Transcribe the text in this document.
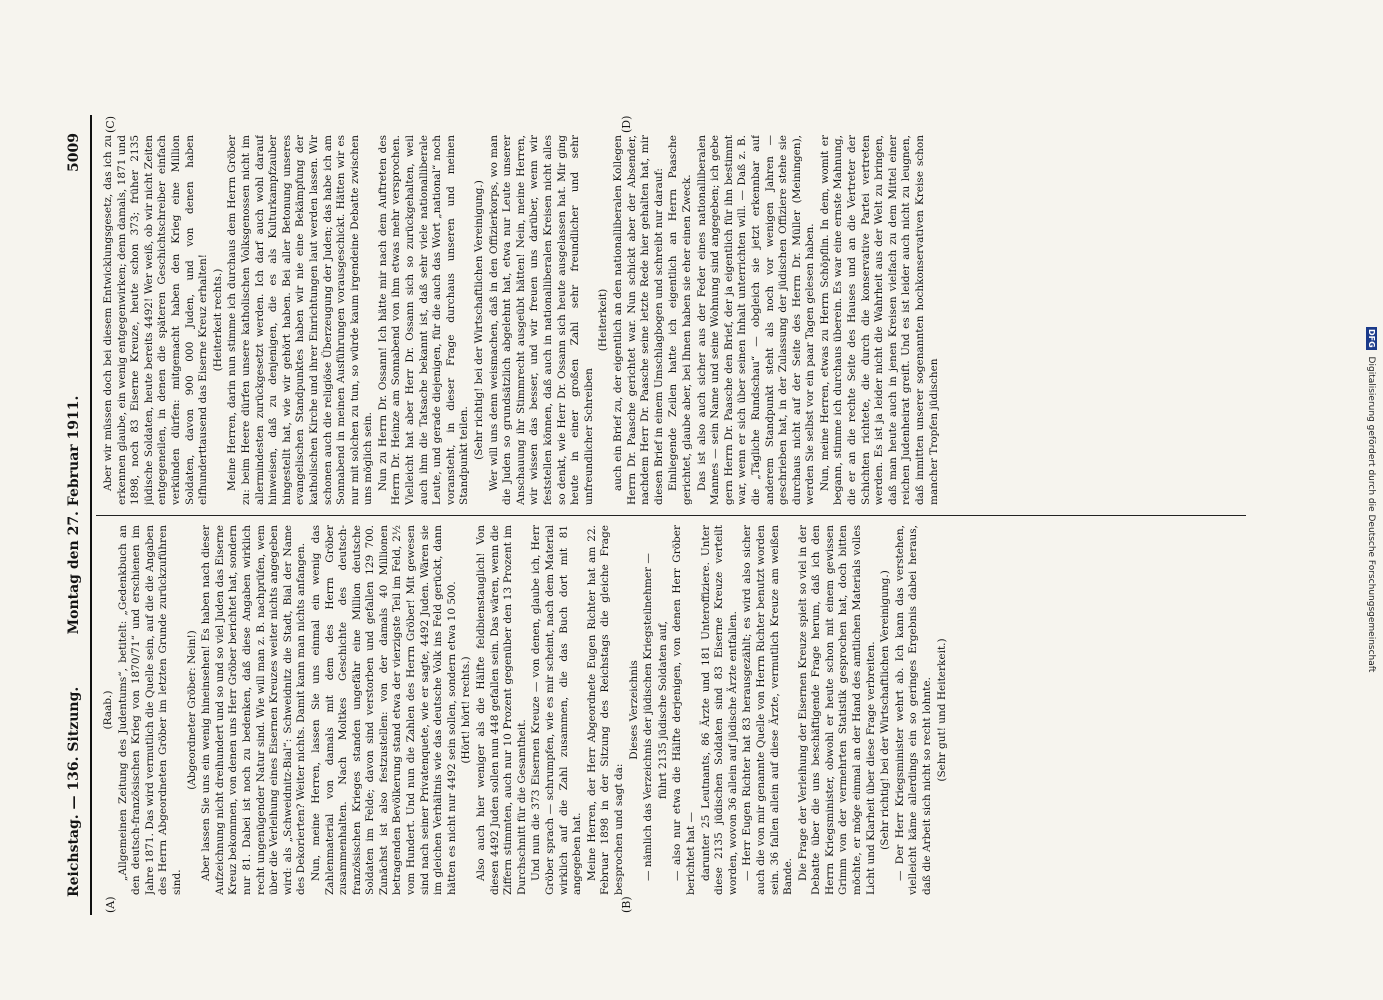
Reichstag. — 136. Sitzung.
Montag den 27. Februar 1911.
5009
(A)	(B)
(C)	(D)

(Raab.) „Allgemeinen Zeitung des Judentums“, betitelt: „Gedenkbuch an den deutsch-französischen Krieg von 1870/71“ und erschienen im Jahre 1871. Das wird vermutlich die Quelle sein, auf die die Angaben des Herrn Abgeordneten Gröber im letzten Grunde zurückzuführen sind.

(Abgeordneter Gröber: Nein!) Aber lassen Sie uns ein wenig hineinsehen! Es haben nach dieser Aufzeichnung nicht dreihundert und so und so viel Juden das Eiserne Kreuz bekommen, von denen uns Herr Gröber berichtet hat, sondern nur 81. Dabei ist noch zu bedenken, daß diese Angaben wirklich recht ungenügender Natur sind. Wie will man z. B. nachprüfen, wem über die Verleihung eines Eisernen Kreuzes weiter nichts angegeben wird: als „Schweidnitz-Bial“: Schweidnitz die Stadt, Bial der Name des Dekorierten? Weiter nichts. Damit kann man nichts anfangen. Nun, meine Herren, lassen Sie uns einmal ein wenig das Zahlenmaterial von damals mit dem des Herrn Gröber zusammenhalten. Nach Moltkes Geschichte des deutsch-französischen Krieges standen ungefähr eine Million deutsche Soldaten im Felde; davon sind verstorben und gefallen 129 700. Zunächst ist also festzustellen: von der damals 40 Millionen betragenden Bevölkerung stand etwa der vierzigste Teil im Feld, 2½ vom Hundert. Und nun die Zahlen des Herrn Gröber! Mit gewesen sind nach seiner Privatenquete, wie er sagte, 4492 Juden. Wären sie im gleichen Verhältnis wie das deutsche Volk ins Feld gerückt, dann hätten es nicht nur 4492 sein sollen, sondern etwa 10 500. (Hört! hört! rechts.) Also auch hier weniger als die Hälfte feldbienstauglich! Von diesen 4492 Juden sollen nun 448 gefallen sein. Das wären, wenn die Ziffern stimmten, auch nur 10 Prozent gegenüber den 13 Prozent im Durchschnitt für die Gesamtheit. Und nun die 373 Eisernen Kreuze — von denen, glaube ich, Herr Gröber sprach — schrumpfen, wie es mir scheint, nach dem Material wirklich auf die Zahl zusammen, die das Buch dort mit 81 angegeben hat. Meine Herren, der Herr Abgeordnete Eugen Richter hat am 22. Februar 1898 in der Sitzung des Reichstags die gleiche Frage besprochen und sagt da:

Dieses Verzeichnis — nämlich das Verzeichnis der jüdischen Kriegsteilnehmer — führt 2135 jüdische Soldaten auf, — also nur etwa die Hälfte derjenigen, von denen Herr Gröber berichtet hat — darunter 25 Leutnants, 86 Ärzte und 181 Unteroffiziere. Unter diese 2135 jüdischen Soldaten sind 83 Eiserne Kreuze verteilt worden, wovon 36 allein auf jüdische Ärzte entfallen. — Herr Eugen Richter hat 83 herausgezählt; es wird also sicher auch die von mir genannte Quelle von Herrn Richter benutzt worden sein. 36 fallen allein auf diese Ärzte, vermutlich Kreuze am weißen Bande. Die Frage der Verleihung der Eisernen Kreuze spielt so viel in der Debatte über die uns beschäftigende Frage herum, daß ich den Herrn Kriegsminister, obwohl er heute schon mit einem gewissen Grimm von der vermehrten Statistik gesprochen hat, doch bitten möchte, er möge einmal an der Hand des amtlichen Materials volles Licht und Klarheit über diese Frage verbreiten. (Sehr richtig! bei der Wirtschaftlichen Vereinigung.) — Der Herr Kriegsminister wehrt ab. Ich kann das verstehen, vielleicht käme allerdings ein so geringes Ergebnis dabei heraus, daß die Arbeit sich nicht so recht lohnte. (Sehr gut! und Heiterkeit.)

Aber wir müssen doch bei diesem Entwicklungsgesetz, das ich zu erkennen glaube, ein wenig entgegenwirken; denn damals, 1871 und 1898, noch 83 Eiserne Kreuze, heute schon 373; früher 2135 jüdische Soldaten, heute bereits 4492! Wer weiß, ob wir nicht Zeiten entgegeneilen, in denen die späteren Geschichtschreiber einfach verkünden dürfen: mitgemacht haben den Krieg eine Million Soldaten, davon 900 000 Juden, und von denen haben elfhunderttausend das Eiserne Kreuz erhalten! (Heiterkeit rechts.) Meine Herren, darin nun stimme ich durchaus dem Herrn Gröber zu: beim Heere dürfen unsere katholischen Volksgenossen nicht im allermindesten zurückgesetzt werden. Ich darf auch wohl darauf hinweisen, daß zu denjenigen, die es als Kulturkampfzauber hingestellt hat, wie wir gehört haben. Bei aller Betonung unseres evangelischen Standpunktes haben wir nie eine Bekämpfung der katholischen Kirche und ihrer Einrichtungen laut werden lassen. Wir schonen auch die religiöse Überzeugung der Juden; das habe ich am Sonnabend in meinen Ausführungen vorausgeschickt. Hätten wir es nur mit solchen zu tun, so würde kaum irgendeine Debatte zwischen uns möglich sein. Nun zu Herrn Dr. Ossann! Ich hätte mir nach dem Auftreten des Herrn Dr. Heinze am Sonnabend von ihm etwas mehr versprochen. Vielleicht hat aber Herr Dr. Ossann sich so zurückgehalten, weil auch ihm die Tatsache bekannt ist, daß sehr viele nationalliberale Leute, und gerade diejenigen, für die auch das Wort „national“ noch voransteht, in dieser Frage durchaus unseren und meinen Standpunkt teilen. (Sehr richtig! bei der Wirtschaftlichen Vereinigung.) Wer will uns denn weismachen, daß in den Offizierkorps, wo man die Juden so grundsätzlich abgelehnt hat, etwa nur Leute unserer Anschauung ihr Stimmrecht ausgeübt hätten! Nein, meine Herren, wir wissen das besser, und wir freuen uns darüber, wenn wir feststellen können, daß auch in nationalliberalen Kreisen nicht alles so denkt, wie Herr Dr. Ossann sich heute ausgelassen hat. Mir ging heute in einer großen Zahl sehr freundlicher und sehr unfreundlicher Schreiben

(Heiterkeit) auch ein Brief zu, der eigentlich an den nationalliberalen Kollegen Herrn Dr. Paasche gerichtet war. Nun schickt aber der Absender, nachdem Herr Dr. Paasche seine letzte Rede hier gehalten hat, mir diesen Brief in einem Umschlagbogen und schreibt nur darauf: Einliegende Zeilen hatte ich eigentlich an Herrn Paasche gerichtet, glaube aber, bei Ihnen haben sie eher einen Zweck. Das ist also auch sicher aus der Feder eines nationalliberalen Mannes — sein Name und seine Wohnung sind angegeben; ich gebe gern Herrn Dr. Paasche den Brief, der ja eigentlich für ihn bestimmt war, wenn er sich über seinen Inhalt unterrichten will. — Daß z. B. die „Tägliche Rundschau“ — obgleich sie jetzt erkennbar auf anderem Standpunkt steht als noch vor wenigen Jahren — geschrieben hat, in der Zulassung der jüdischen Offiziere stehe sie durchaus nicht auf der Seite des Herrn Dr. Müller (Meiningen), werden Sie selbst vor ein paar Tagen gelesen haben. Nun, meine Herren, etwas zu Herrn Schöpflin. In dem, womit er begann, stimme ich durchaus überein. Es war eine ernste Mahnung, die er an die rechte Seite des Hauses und an die Vertreter der Schichten richtete, die durch die konservative Partei vertreten werden. Es ist ja leider nicht die Wahrheit aus der Welt zu bringen, daß man heute auch in jenen Kreisen vielfach zu dem Mittel einer reichen Judenheirat greift. Und es ist leider auch nicht zu leugnen, daß inmitten unserer sogenannten hochkonservativen Kreise schon mancher Tropfen jüdischen

DFG Digitalisierung gefördert durch die Deutsche Forschungsgemeinschaft
